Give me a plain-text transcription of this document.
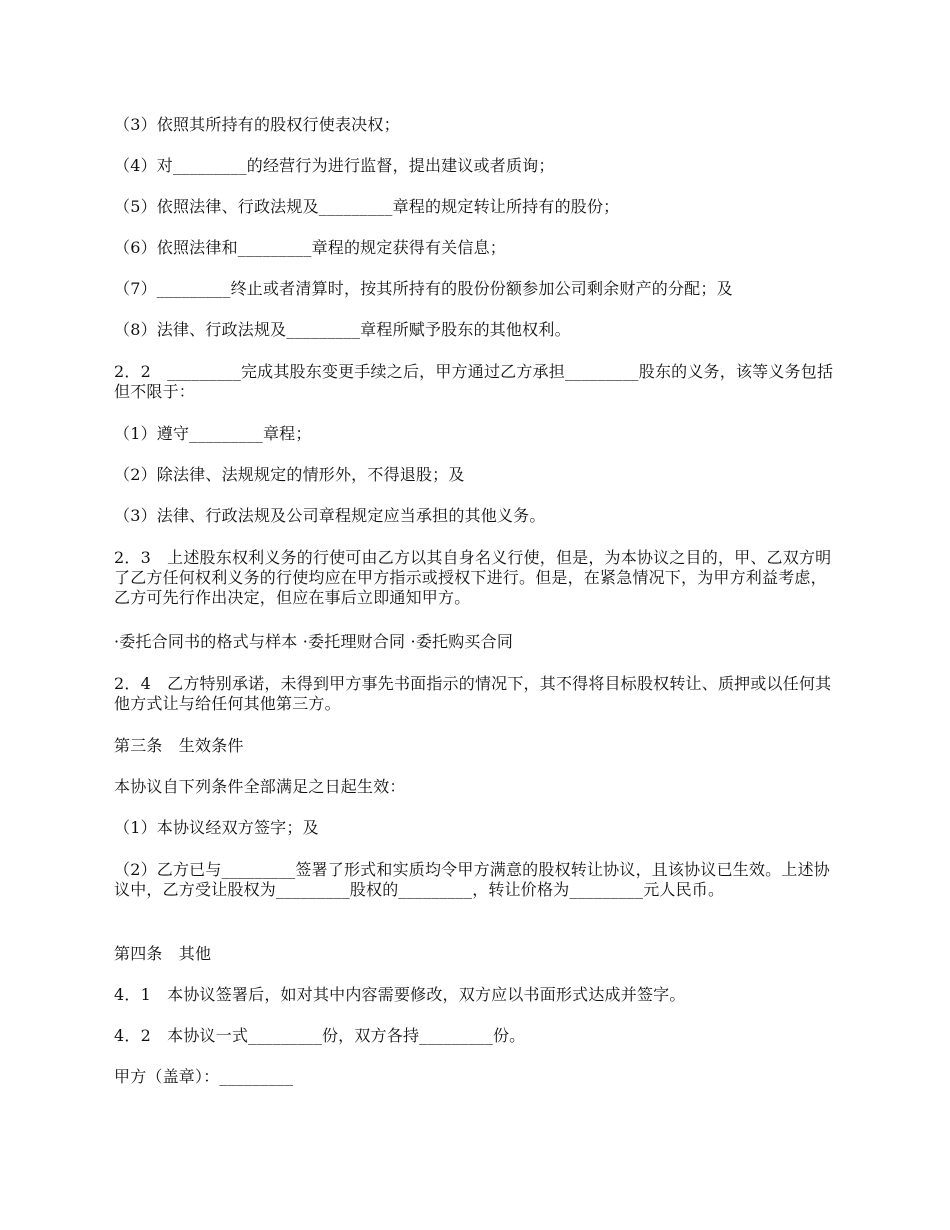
（3）依照其所持有的股权行使表决权；

（4）对_________的经营行为进行监督，提出建议或者质询；

（5）依照法律、行政法规及_________章程的规定转让所持有的股份；

（6）依照法律和_________章程的规定获得有关信息；

（7）_________终止或者清算时，按其所持有的股份份额参加公司剩余财产的分配；及

（8）法律、行政法规及_________章程所赋予股东的其他权利。

2．2　_________完成其股东变更手续之后，甲方通过乙方承担_________股东的义务，该等义务包括但不限于：

（1）遵守_________章程；

（2）除法律、法规规定的情形外，不得退股；及

（3）法律、行政法规及公司章程规定应当承担的其他义务。

2．3　上述股东权利义务的行使可由乙方以其自身名义行使，但是，为本协议之目的，甲、乙双方明了乙方任何权利义务的行使均应在甲方指示或授权下进行。但是，在紧急情况下，为甲方利益考虑，乙方可先行作出决定，但应在事后立即通知甲方。

·委托合同书的格式与样本 ·委托理财合同 ·委托购买合同

2．4　乙方特别承诺，未得到甲方事先书面指示的情况下，其不得将目标股权转让、质押或以任何其他方式让与给任何其他第三方。

第三条　生效条件

本协议自下列条件全部满足之日起生效：

（1）本协议经双方签字；及

（2）乙方已与_________签署了形式和实质均令甲方满意的股权转让协议，且该协议已生效。上述协议中，乙方受让股权为_________股权的_________，转让价格为_________元人民币。

第四条　其他

4．1　本协议签署后，如对其中内容需要修改，双方应以书面形式达成并签字。

4．2　本协议一式_________份，双方各持_________份。

甲方（盖章）：_________
